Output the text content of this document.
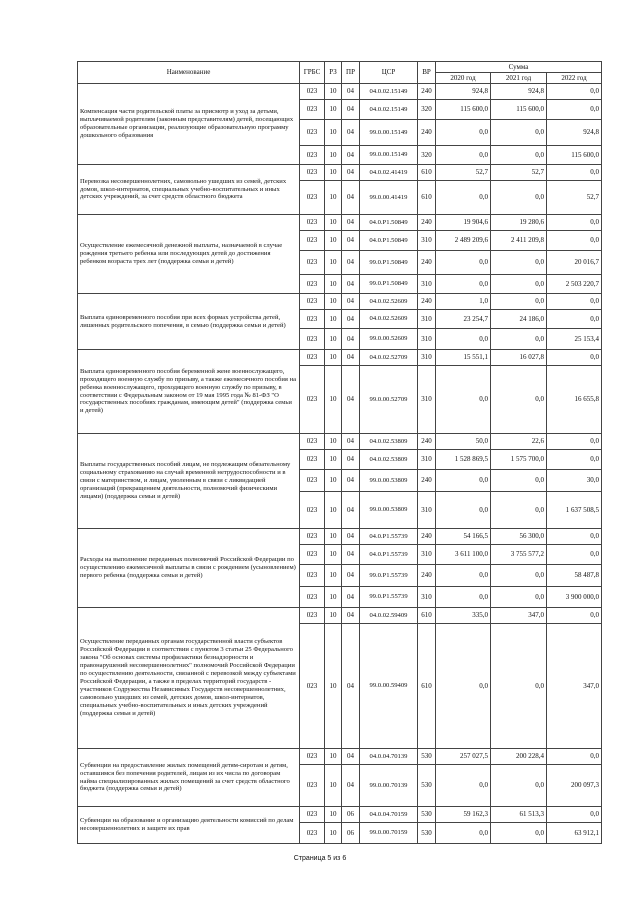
Наименование	ГРБС	РЗ	ПР	ЦСР	ВР	Сумма		
						2020 год	2021 год	2022 год
Компенсация части родительской платы за присмотр и уход за детьми, выплачиваемой родителям (законным представителям) детей, посещающих образовательные организации, реализующие образовательную программу дошкольного образования	023	10	04	04.0.02.15149	240	924,8	924,8	0,0
	023	10	04	04.0.02.15149	320	115 600,0	115 600,0	0,0
	023	10	04	99.0.00.15149	240	0,0	0,0	924,8
	023	10	04	99.0.00.15149	320	0,0	0,0	115 600,0
Перевозка несовершеннолетних, самовольно ушедших из семей, детских домов, школ-интернатов, специальных учебно-воспитательных и иных детских учреждений, за счет средств областного бюджета	023	10	04	04.0.02.41419	610	52,7	52,7	0,0
	023	10	04	99.0.00.41419	610	0,0	0,0	52,7
Осуществление ежемесячной денежной выплаты, назначаемой в случае рождения третьего ребенка или последующих детей до достижения ребенком возраста трех лет (поддержка семьи и детей)	023	10	04	04.0.P1.50849	240	19 904,6	19 280,6	0,0
	023	10	04	04.0.P1.50849	310	2 489 209,6	2 411 209,8	0,0
	023	10	04	99.0.P1.50849	240	0,0	0,0	20 016,7
	023	10	04	99.0.P1.50849	310	0,0	0,0	2 503 220,7
Выплата единовременного пособия при всех формах устройства детей, лишенных родительского попечения, в семью (поддержка семьи и детей)	023	10	04	04.0.02.52609	240	1,0	0,0	0,0
	023	10	04	04.0.02.52609	310	23 254,7	24 186,0	0,0
	023	10	04	99.0.00.52609	310	0,0	0,0	25 153,4
Выплата единовременного пособия беременной жене военнослужащего, проходящего военную службу по призыву, а также ежемесячного пособия на ребенка военнослужащего, проходящего военную службу по призыву, в соответствии с Федеральным законом от 19 мая 1995 года № 81-ФЗ "О государственных пособиях гражданам, имеющим детей" (поддержка семьи и детей)	023	10	04	04.0.02.52709	310	15 551,1	16 027,8	0,0
	023	10	04	99.0.00.52709	310	0,0	0,0	16 655,8
Выплаты государственных пособий лицам, не подлежащим обязательному социальному страхованию на случай временной нетрудоспособности и в связи с материнством, и лицам, уволенным в связи с ликвидацией организаций (прекращением деятельности, полномочий физическими лицами) (поддержка семьи и детей)	023	10	04	04.0.02.53809	240	50,0	22,6	0,0
	023	10	04	04.0.02.53809	310	1 528 869,5	1 575 700,0	0,0
	023	10	04	99.0.00.53809	240	0,0	0,0	30,0
	023	10	04	99.0.00.53809	310	0,0	0,0	1 637 508,5
Расходы на выполнение переданных полномочий Российской Федерации по осуществлению ежемесячной выплаты в связи с рождением (усыновлением) первого ребенка (поддержка семьи и детей)	023	10	04	04.0.P1.55739	240	54 166,5	56 300,0	0,0
	023	10	04	04.0.P1.55739	310	3 611 100,0	3 755 577,2	0,0
	023	10	04	99.0.P1.55739	240	0,0	0,0	58 487,8
	023	10	04	99.0.P1.55739	310	0,0	0,0	3 900 000,0
Осуществление переданных органам государственной власти субъектов Российской Федерации в соответствии с пунктом 3 статьи 25 Федерального закона "Об основах системы профилактики безнадзорности и правонарушений несовершеннолетних" полномочий Российской Федерации по осуществлению деятельности, связанной с перевозкой между субъектами Российской Федерации, а также в пределах территорий государств - участников Содружества Независимых Государств несовершеннолетних, самовольно ушедших из семей, детских домов, школ-интернатов, специальных учебно-воспитательных и иных детских учреждений (поддержка семьи и детей)	023	10	04	04.0.02.59409	610	335,0	347,0	0,0
	023	10	04	99.0.00.59409	610	0,0	0,0	347,0
Субвенции на предоставление жилых помещений детям-сиротам и детям, оставшимся без попечения родителей, лицам из их числа по договорам найма специализированных жилых помещений за счет средств областного бюджета (поддержка семьи и детей)	023	10	04	04.0.04.70139	530	257 027,5	200 228,4	0,0
	023	10	04	99.0.00.70139	530	0,0	0,0	200 097,3
Субвенции на образование и организацию деятельности комиссий по делам несовершеннолетних и защите их прав	023	10	06	04.0.04.70159	530	59 162,3	61 513,3	0,0
	023	10	06	99.0.00.70159	530	0,0	0,0	63 912,1
Страница 5 из 6
